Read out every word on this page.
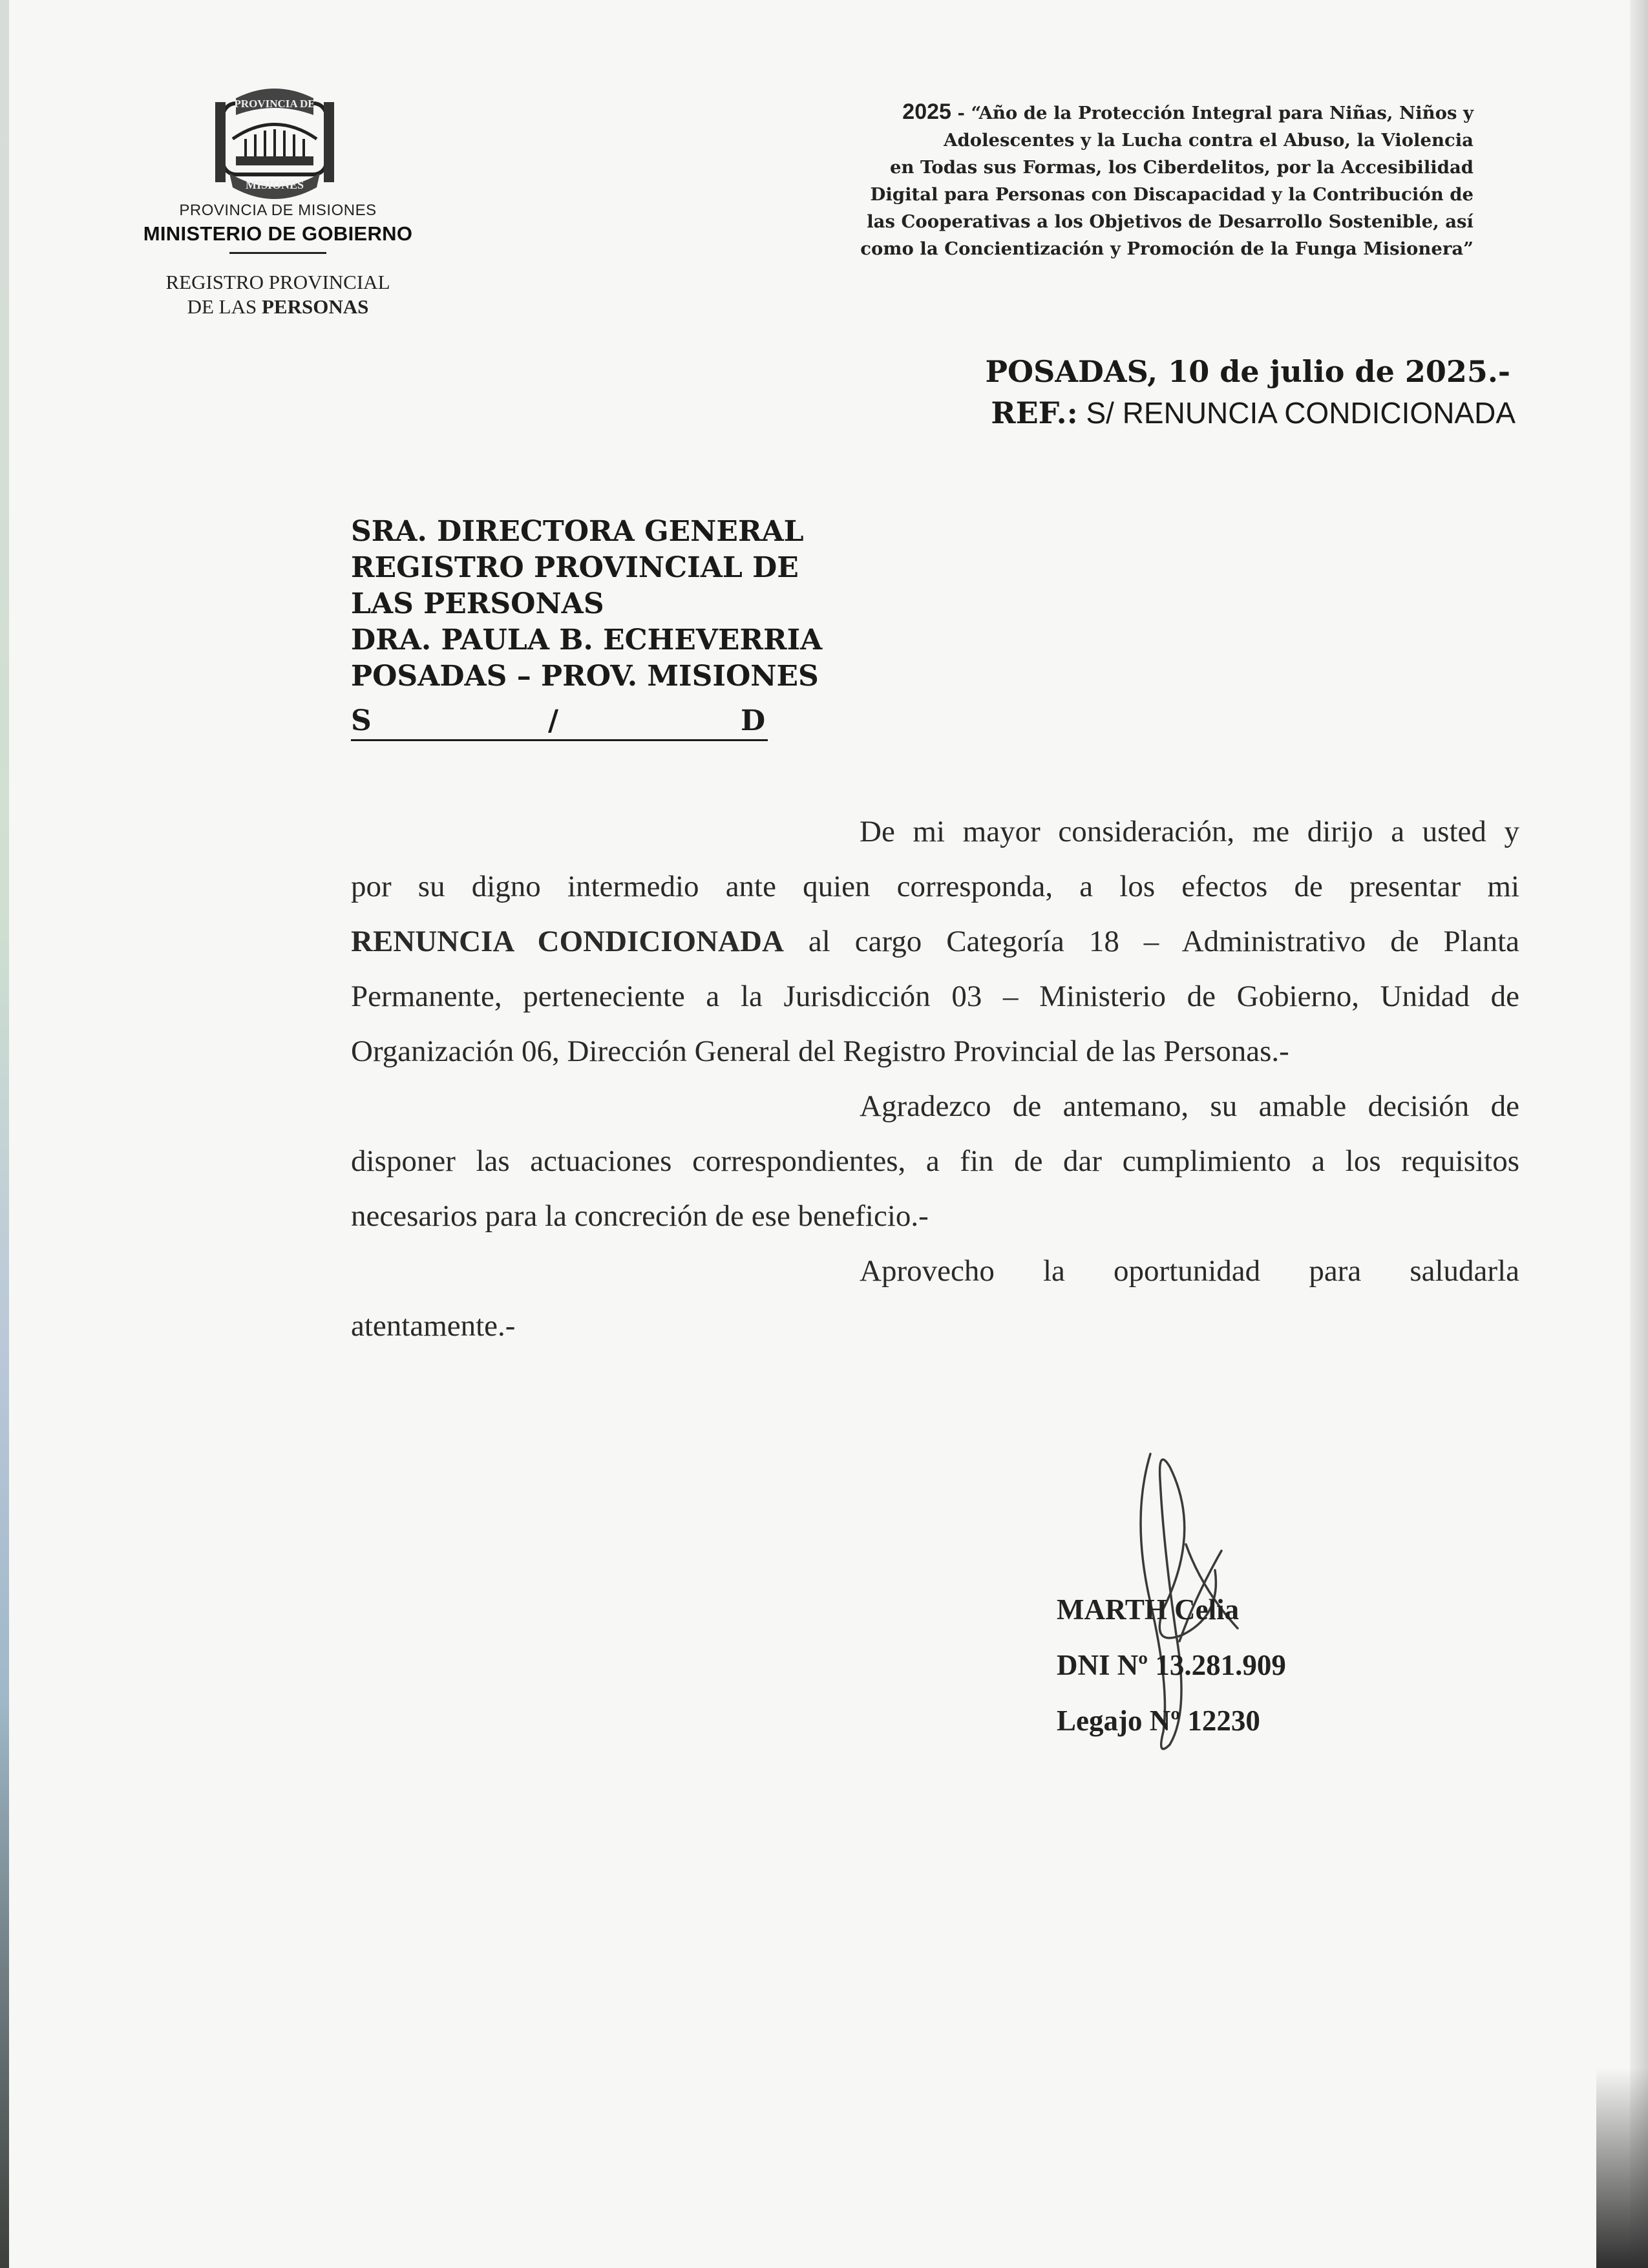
PROVINCIA DE
MISIONES
PROVINCIA DE MISIONES
MINISTERIO DE GOBIERNO
REGISTRO PROVINCIAL
DE LAS PERSONAS
2025 - “Año de la Protección Integral para Niñas, Niños y
Adolescentes y la Lucha contra el Abuso, la Violencia
en Todas sus Formas, los Ciberdelitos, por la Accesibilidad
Digital para Personas con Discapacidad y la Contribución de
las Cooperativas a los Objetivos de Desarrollo Sostenible, así
como la Concientización y Promoción de la Funga Misionera”
POSADAS, 10 de julio de 2025.-
REF.: S/ RENUNCIA CONDICIONADA
SRA. DIRECTORA GENERAL
REGISTRO PROVINCIAL DE
LAS PERSONAS
DRA. PAULA B. ECHEVERRIA
POSADAS – PROV. MISIONES
S	/	D

De mi mayor consideración, me dirijo a usted y

por su digno intermedio ante quien corresponda, a los efectos de presentar mi

RENUNCIA CONDICIONADA al cargo Categoría 18 – Administrativo de Planta

Permanente, perteneciente a la Jurisdicción 03 – Ministerio de Gobierno, Unidad de

Organización 06, Dirección General del Registro Provincial de las Personas.-

Agradezco de antemano, su amable decisión de

disponer las actuaciones correspondientes, a fin de dar cumplimiento a los requisitos

necesarios para la concreción de ese beneficio.-

Aprovecho la oportunidad para saludarla

atentamente.-

MARTH Celia
DNI Nº 13.281.909
Legajo Nº 12230
